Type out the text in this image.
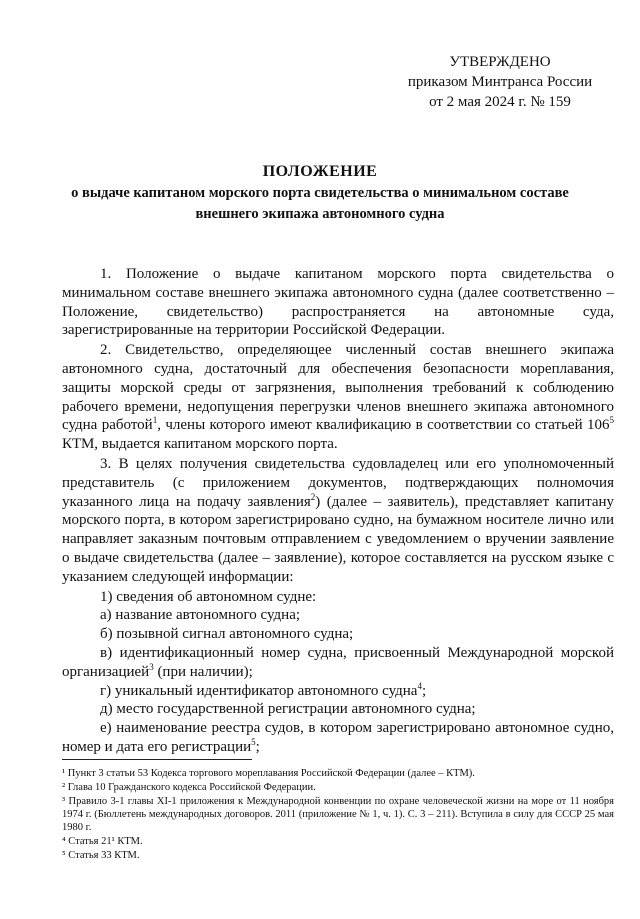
УТВЕРЖДЕНО
приказом Минтранса России
от 2 мая 2024 г. № 159
ПОЛОЖЕНИЕ
о выдаче капитаном морского порта свидетельства о минимальном составе
внешнего экипажа автономного судна

1. Положение о выдаче капитаном морского порта свидетельства о минимальном составе внешнего экипажа автономного судна (далее соответственно – Положение, свидетельство) распространяется на автономные суда, зарегистрированные на территории Российской Федерации.

2. Свидетельство, определяющее численный состав внешнего экипажа автономного судна, достаточный для обеспечения безопасности мореплавания, защиты морской среды от загрязнения, выполнения требований к соблюдению рабочего времени, недопущения перегрузки членов внешнего экипажа автономного судна работой$^1$, члены которого имеют квалификацию в соответствии со статьей $106^5$ КТМ, выдается капитаном морского порта.

3. В целях получения свидетельства судовладелец или его уполномоченный представитель (с приложением документов, подтверждающих полномочия указанного лица на подачу заявления$^2$) (далее – заявитель), представляет капитану морского порта, в котором зарегистрировано судно, на бумажном носителе лично или направляет заказным почтовым отправлением с уведомлением о вручении заявление о выдаче свидетельства (далее – заявление), которое составляется на русском языке с указанием следующей информации:

1) сведения об автономном судне:

а) название автономного судна;

б) позывной сигнал автономного судна;

в) идентификационный номер судна, присвоенный Международной морской организацией$^3$ (при наличии);

г) уникальный идентификатор автономного судна$^4$;

д) место государственной регистрации автономного судна;

е) наименование реестра судов, в котором зарегистрировано автономное судно, номер и дата его регистрации$^5$;

¹ Пункт 3 статьи 53 Кодекса торгового мореплавания Российской Федерации (далее – КТМ).
² Глава 10 Гражданского кодекса Российской Федерации.
³ Правило 3-1 главы XI-1 приложения к Международной конвенции по охране человеческой жизни на море от 11 ноября 1974 г. (Бюллетень международных договоров. 2011 (приложение № 1, ч. 1). С. 3 – 211). Вступила в силу для СССР 25 мая 1980 г.
⁴ Статья 21¹ КТМ.
⁵ Статья 33 КТМ.
